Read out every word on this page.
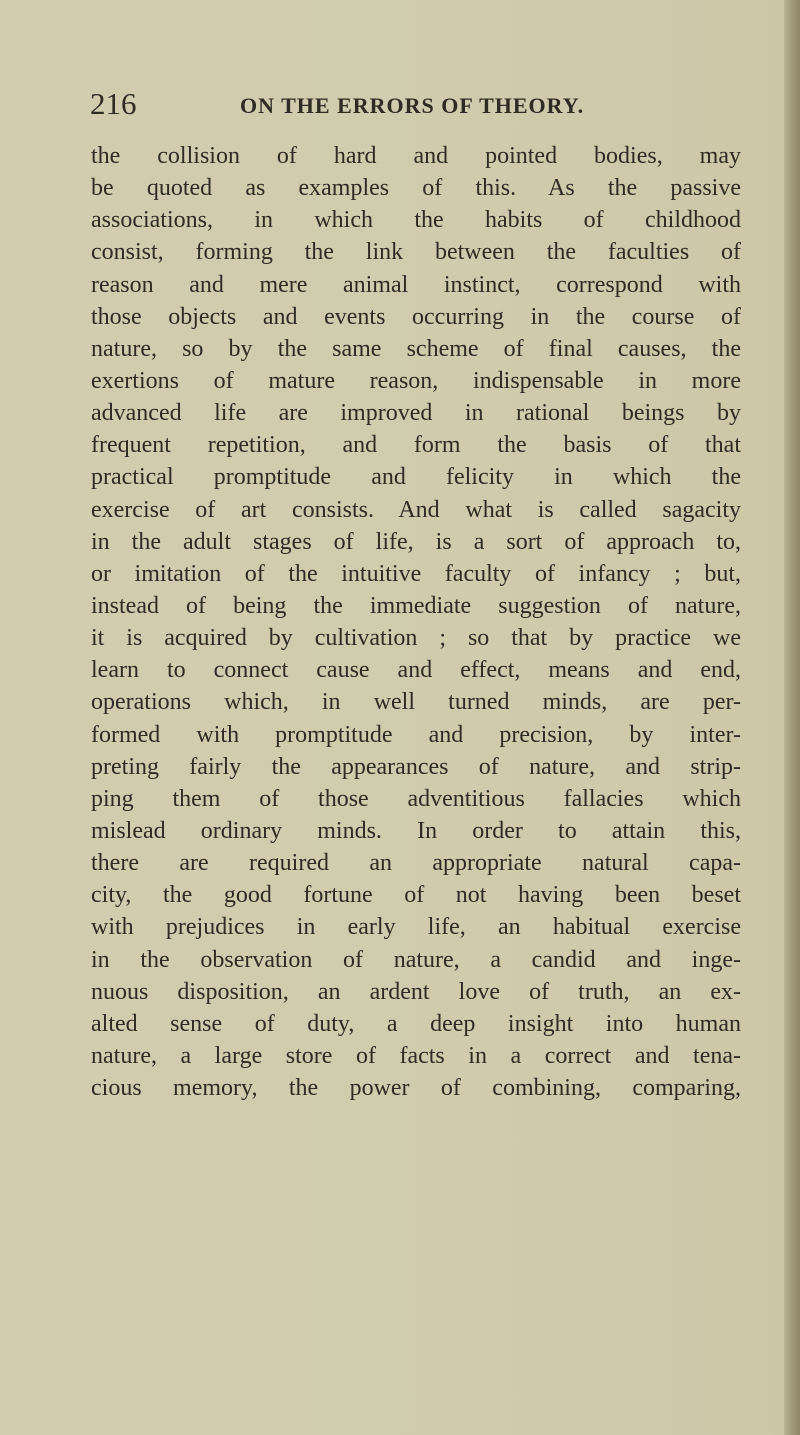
216	ON THE ERRORS OF THEORY.
the collision of hard and pointed bodies, may
be quoted as examples of this. As the passive
associations, in which the habits of childhood
consist, forming the link between the faculties of
reason and mere animal instinct, correspond with
those objects and events occurring in the course of
nature, so by the same scheme of final causes, the
exertions of mature reason, indispensable in more
advanced life are improved in rational beings by
frequent repetition, and form the basis of that
practical promptitude and felicity in which the
exercise of art consists. And what is called sagacity
in the adult stages of life, is a sort of approach to,
or imitation of the intuitive faculty of infancy ; but,
instead of being the immediate suggestion of nature,
it is acquired by cultivation ; so that by practice we
learn to connect cause and effect, means and end,
operations which, in well turned minds, are per-
formed with promptitude and precision, by inter-
preting fairly the appearances of nature, and strip-
ping them of those adventitious fallacies which
mislead ordinary minds. In order to attain this,
there are required an appropriate natural capa-
city, the good fortune of not having been beset
with prejudices in early life, an habitual exercise
in the observation of nature, a candid and inge-
nuous disposition, an ardent love of truth, an ex-
alted sense of duty, a deep insight into human
nature, a large store of facts in a correct and tena-
cious memory, the power of combining, comparing,
